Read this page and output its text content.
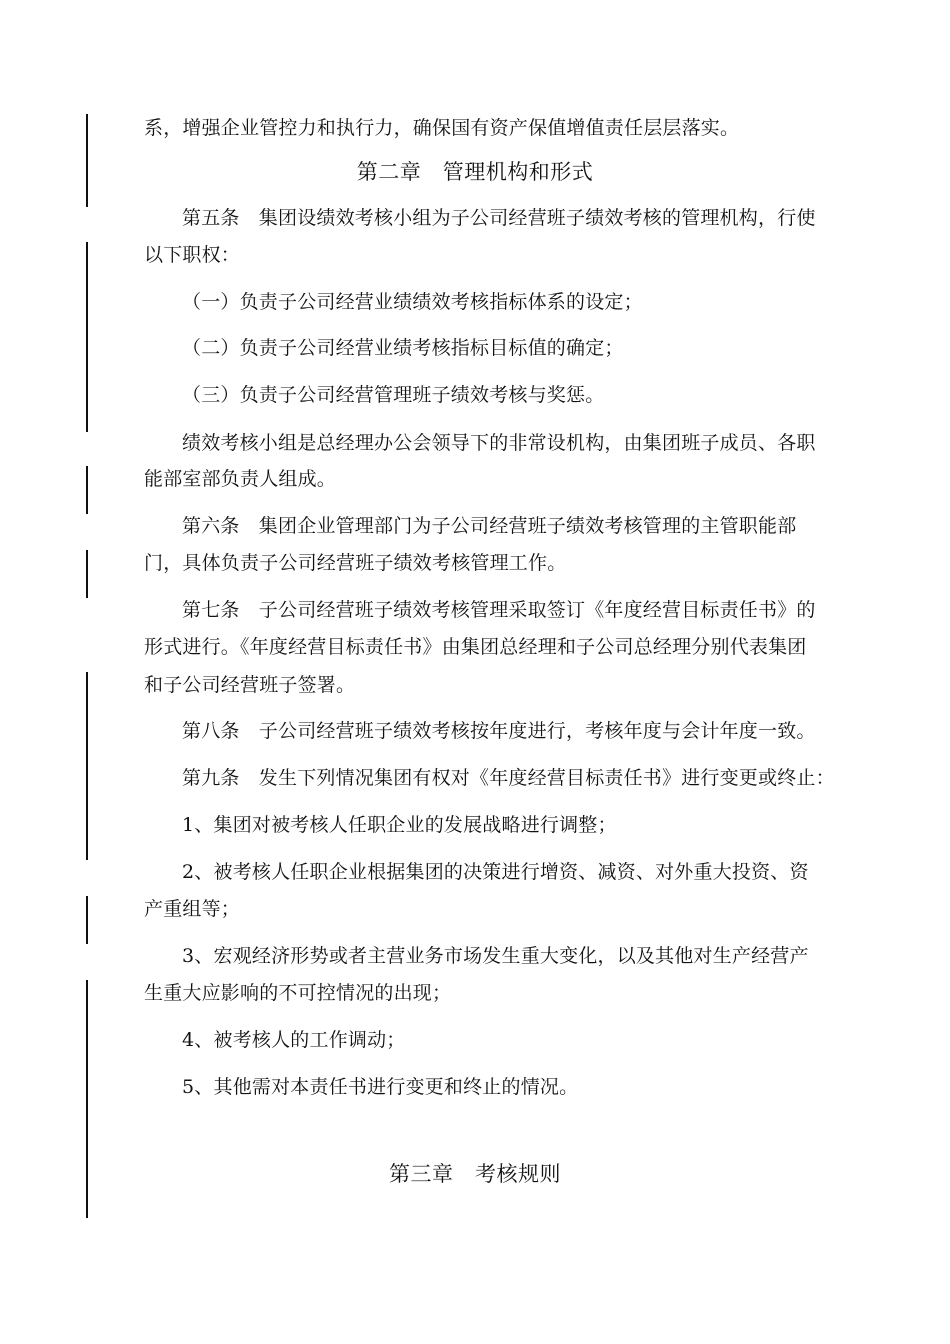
系，增强企业管控力和执行力，确保国有资产保值增值责任层层落实。
第二章　管理机构和形式
第五条　集团设绩效考核小组为子公司经营班子绩效考核的管理机构，行使
以下职权：
（一）负责子公司经营业绩绩效考核指标体系的设定；
（二）负责子公司经营业绩考核指标目标值的确定；
（三）负责子公司经营管理班子绩效考核与奖惩。
绩效考核小组是总经理办公会领导下的非常设机构，由集团班子成员、各职
能部室部负责人组成。
第六条　集团企业管理部门为子公司经营班子绩效考核管理的主管职能部
门，具体负责子公司经营班子绩效考核管理工作。
第七条　子公司经营班子绩效考核管理采取签订《年度经营目标责任书》的
形式进行。《年度经营目标责任书》由集团总经理和子公司总经理分别代表集团
和子公司经营班子签署。
第八条　子公司经营班子绩效考核按年度进行，考核年度与会计年度一致。
第九条　发生下列情况集团有权对《年度经营目标责任书》进行变更或终止：
1、集团对被考核人任职企业的发展战略进行调整；
2、被考核人任职企业根据集团的决策进行增资、减资、对外重大投资、资
产重组等；
3、宏观经济形势或者主营业务市场发生重大变化，以及其他对生产经营产
生重大应影响的不可控情况的出现；
4、被考核人的工作调动；
5、其他需对本责任书进行变更和终止的情况。
第三章　考核规则
